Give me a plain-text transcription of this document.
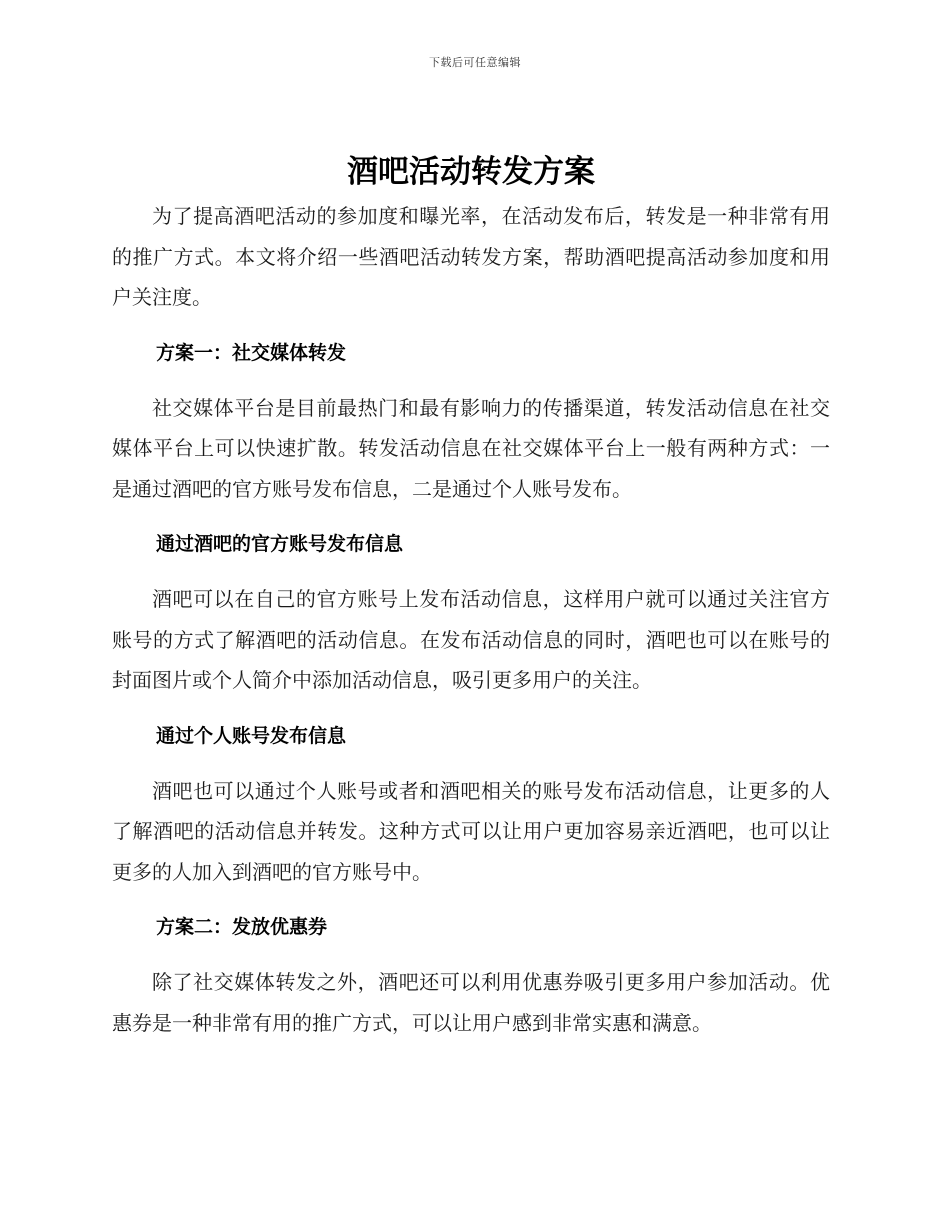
下载后可任意编辑
酒吧活动转发方案

为了提高酒吧活动的参加度和曝光率，在活动发布后，转发是一种非常有用的推广方式。本文将介绍一些酒吧活动转发方案，帮助酒吧提高活动参加度和用户关注度。

方案一：社交媒体转发

社交媒体平台是目前最热门和最有影响力的传播渠道，转发活动信息在社交媒体平台上可以快速扩散。转发活动信息在社交媒体平台上一般有两种方式：一是通过酒吧的官方账号发布信息，二是通过个人账号发布。

通过酒吧的官方账号发布信息

酒吧可以在自己的官方账号上发布活动信息，这样用户就可以通过关注官方账号的方式了解酒吧的活动信息。在发布活动信息的同时，酒吧也可以在账号的封面图片或个人简介中添加活动信息，吸引更多用户的关注。

通过个人账号发布信息

酒吧也可以通过个人账号或者和酒吧相关的账号发布活动信息，让更多的人了解酒吧的活动信息并转发。这种方式可以让用户更加容易亲近酒吧，也可以让更多的人加入到酒吧的官方账号中。

方案二：发放优惠券

除了社交媒体转发之外，酒吧还可以利用优惠券吸引更多用户参加活动。优惠券是一种非常有用的推广方式，可以让用户感到非常实惠和满意。
